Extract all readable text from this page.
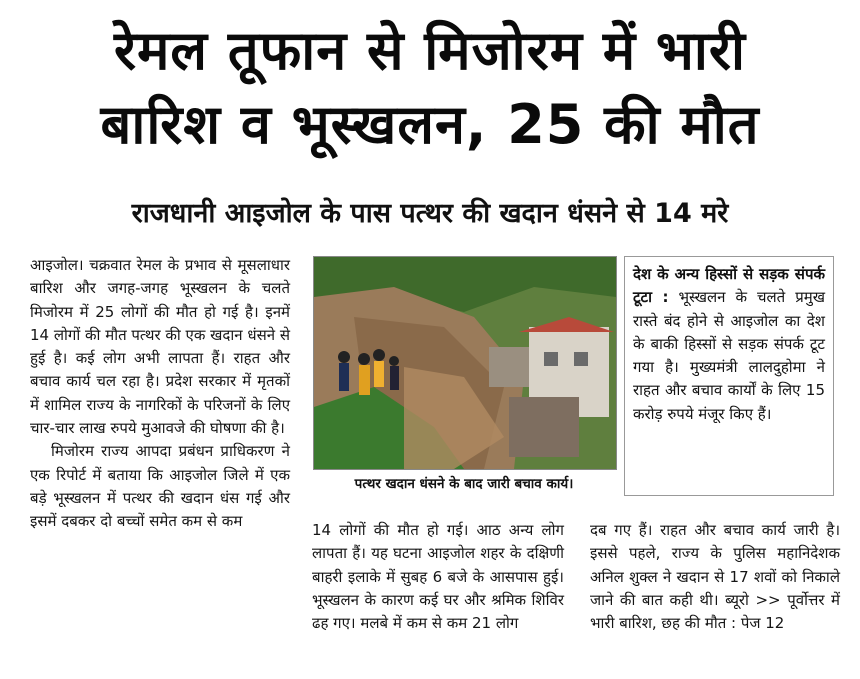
रेमल तूफान से मिजोरम में भारी
बारिश व भूस्खलन, 25 की मौत
राजधानी आइजोल के पास पत्थर की खदान धंसने से 14 मरे

आइजोल। चक्रवात रेमल के प्रभाव से मूसलाधार बारिश और जगह-जगह भूस्खलन के चलते मिजोरम में 25 लोगों की मौत हो गई है। इनमें 14 लोगों की मौत पत्थर की एक खदान धंसने से हुई है। कई लोग अभी लापता हैं। राहत और बचाव कार्य चल रहा है। प्रदेश सरकार में मृतकों में शामिल राज्य के नागरिकों के परिजनों के लिए चार-चार लाख रुपये मुआवजे की घोषणा की है।

मिजोरम राज्य आपदा प्रबंधन प्राधिकरण ने एक रिपोर्ट में बताया कि आइजोल जिले में एक बड़े भूस्खलन में पत्थर की खदान धंस गई और इसमें दबकर दो बच्चों समेत कम से कम

पत्थर खदान धंसने के बाद जारी बचाव कार्य।
देश के अन्य हिस्सों से सड़क संपर्क टूटा : भूस्खलन के चलते प्रमुख रास्ते बंद होने से आइजोल का देश के बाकी हिस्सों से सड़क संपर्क टूट गया है। मुख्यमंत्री लालदुहोमा ने राहत और बचाव कार्यों के लिए 15 करोड़ रुपये मंजूर किए हैं।

14 लोगों की मौत हो गई। आठ अन्य लोग लापता हैं। यह घटना आइजोल शहर के दक्षिणी बाहरी इलाके में सुबह 6 बजे के आसपास हुई। भूस्खलन के कारण कई घर और श्रमिक शिविर ढह गए। मलबे में कम से कम 21 लोग

दब गए हैं। राहत और बचाव कार्य जारी है। इससे पहले, राज्य के पुलिस महानिदेशक अनिल शुक्ल ने खदान से 17 शवों को निकाले जाने की बात कही थी। ब्यूरो >> पूर्वोत्तर में भारी बारिश, छह की मौत : पेज 12
